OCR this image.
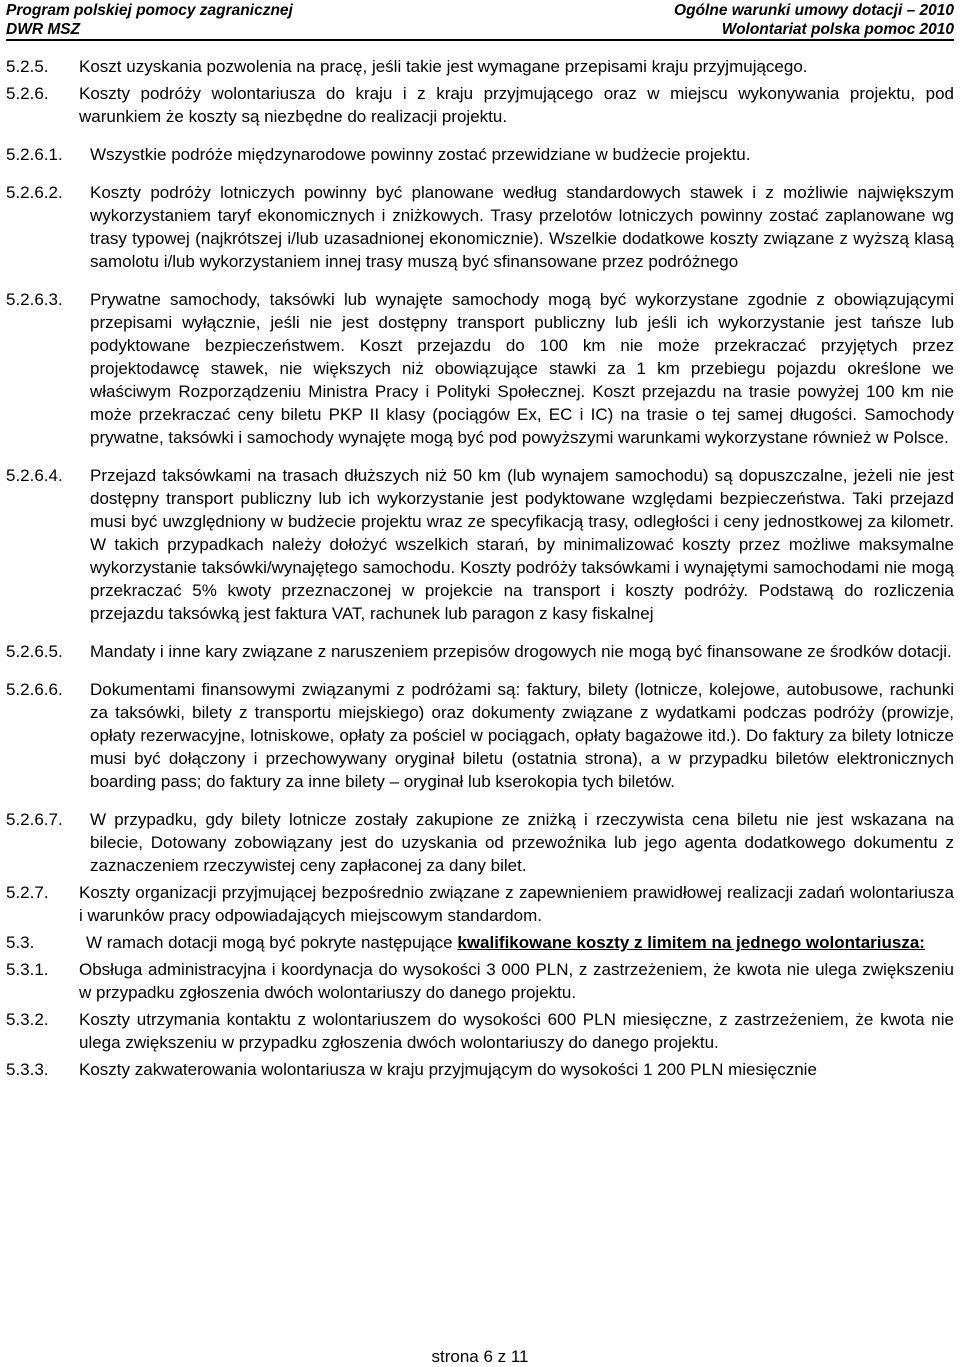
Program polskiej pomocy zagranicznej
DWR MSZ
Ogólne warunki umowy dotacji – 2010
Wolontariat polska pomoc 2010
5.2.5.	Koszt uzyskania pozwolenia na pracę, jeśli takie jest wymagane przepisami kraju przyjmującego.
5.2.6.	Koszty podróży wolontariusza do kraju i z kraju przyjmującego oraz w miejscu wykonywania projektu, pod warunkiem że koszty są niezbędne do realizacji projektu.
5.2.6.1.	Wszystkie podróże międzynarodowe powinny zostać przewidziane w budżecie projektu.
5.2.6.2.	Koszty podróży lotniczych powinny być planowane według standardowych stawek i z możliwie największym wykorzystaniem taryf ekonomicznych i zniżkowych. Trasy przelotów lotniczych powinny zostać zaplanowane wg trasy typowej (najkrótszej i/lub uzasadnionej ekonomicznie). Wszelkie dodatkowe koszty związane z wyższą klasą samolotu i/lub wykorzystaniem innej trasy muszą być sfinansowane przez podróżnego
5.2.6.3.	Prywatne samochody, taksówki lub wynajęte samochody mogą być wykorzystane zgodnie z obowiązującymi przepisami wyłącznie, jeśli nie jest dostępny transport publiczny lub jeśli ich wykorzystanie jest tańsze lub podyktowane bezpieczeństwem. Koszt przejazdu do 100 km nie może przekraczać przyjętych przez projektodawcę stawek, nie większych niż obowiązujące stawki za 1 km przebiegu pojazdu określone we właściwym Rozporządzeniu Ministra Pracy i Polityki Społecznej. Koszt przejazdu na trasie powyżej 100 km nie może przekraczać ceny biletu PKP II klasy (pociągów Ex, EC i IC) na trasie o tej samej długości. Samochody prywatne, taksówki i samochody wynajęte mogą być pod powyższymi warunkami wykorzystane również w Polsce.
5.2.6.4.	Przejazd taksówkami na trasach dłuższych niż 50 km (lub wynajem samochodu) są dopuszczalne, jeżeli nie jest dostępny transport publiczny lub ich wykorzystanie jest podyktowane względami bezpieczeństwa. Taki przejazd musi być uwzględniony w budżecie projektu wraz ze specyfikacją trasy, odległości i ceny jednostkowej za kilometr. W takich przypadkach należy dołożyć wszelkich starań, by minimalizować koszty przez możliwe maksymalne wykorzystanie taksówki/wynajętego samochodu. Koszty podróży taksówkami i wynajętymi samochodami nie mogą przekraczać 5% kwoty przeznaczonej w projekcie na transport i koszty podróży. Podstawą do rozliczenia przejazdu taksówką jest faktura VAT, rachunek lub paragon z kasy fiskalnej
5.2.6.5.	Mandaty i inne kary związane z naruszeniem przepisów drogowych nie mogą być finansowane ze środków dotacji.
5.2.6.6.	Dokumentami finansowymi związanymi z podróżami są: faktury, bilety (lotnicze, kolejowe, autobusowe, rachunki za taksówki, bilety z transportu miejskiego) oraz dokumenty związane z wydatkami podczas podróży (prowizje, opłaty rezerwacyjne, lotniskowe, opłaty za pościel w pociągach, opłaty bagażowe itd.). Do faktury za bilety lotnicze musi być dołączony i przechowywany oryginał biletu (ostatnia strona), a w przypadku biletów elektronicznych boarding pass; do faktury za inne bilety – oryginał lub kserokopia tych biletów.
5.2.6.7.	W przypadku, gdy bilety lotnicze zostały zakupione ze zniżką i rzeczywista cena biletu nie jest wskazana na bilecie, Dotowany zobowiązany jest do uzyskania od przewoźnika lub jego agenta dodatkowego dokumentu z zaznaczeniem rzeczywistej ceny zapłaconej za dany bilet.
5.2.7.	Koszty organizacji przyjmującej bezpośrednio związane z zapewnieniem prawidłowej realizacji zadań wolontariusza i warunków pracy odpowiadających miejscowym standardom.
5.3.	W ramach dotacji mogą być pokryte następujące kwalifikowane koszty z limitem na jednego wolontariusza:
5.3.1.	Obsługa administracyjna i koordynacja do wysokości 3 000 PLN, z zastrzeżeniem, że kwota nie ulega zwiększeniu w przypadku zgłoszenia dwóch wolontariuszy do danego projektu.
5.3.2.	Koszty utrzymania kontaktu z wolontariuszem do wysokości 600 PLN miesięczne, z zastrzeżeniem, że kwota nie ulega zwiększeniu w przypadku zgłoszenia dwóch wolontariuszy do danego projektu.
5.3.3.	Koszty zakwaterowania wolontariusza w kraju przyjmującym do wysokości 1 200 PLN miesięcznie
strona 6 z 11
